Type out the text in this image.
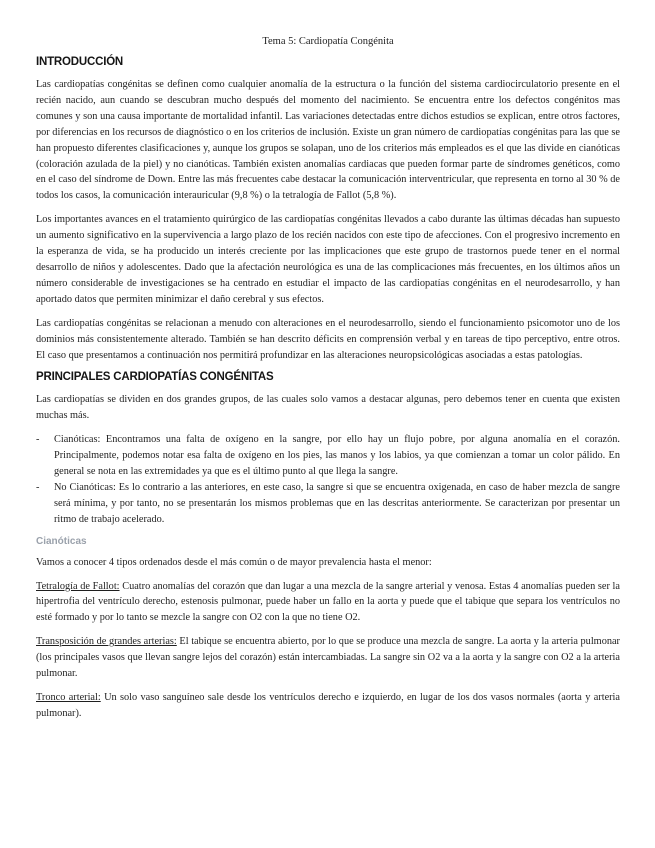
Tema 5: Cardiopatía Congénita
INTRODUCCIÓN

Las cardiopatías congénitas se definen como cualquier anomalía de la estructura o la función del sistema cardiocirculatorio presente en el recién nacido, aun cuando se descubran mucho después del momento del nacimiento. Se encuentra entre los defectos congénitos mas comunes y son una causa importante de mortalidad infantil. Las variaciones detectadas entre dichos estudios se explican, entre otros factores, por diferencias en los recursos de diagnóstico o en los criterios de inclusión. Existe un gran número de cardiopatías congénitas para las que se han propuesto diferentes clasificaciones y, aunque los grupos se solapan, uno de los criterios más empleados es el que las divide en cianóticas (coloración azulada de la piel) y no cianóticas. También existen anomalías cardiacas que pueden formar parte de síndromes genéticos, como en el caso del síndrome de Down. Entre las más frecuentes cabe destacar la comunicación interventricular, que representa en torno al 30 % de todos los casos, la comunicación interauricular (9,8 %) o la tetralogía de Fallot (5,8 %).

Los importantes avances en el tratamiento quirúrgico de las cardiopatías congénitas llevados a cabo durante las últimas décadas han supuesto un aumento significativo en la supervivencia a largo plazo de los recién nacidos con este tipo de afecciones. Con el progresivo incremento en la esperanza de vida, se ha producido un interés creciente por las implicaciones que este grupo de trastornos puede tener en el normal desarrollo de niños y adolescentes. Dado que la afectación neurológica es una de las complicaciones más frecuentes, en los últimos años un número considerable de investigaciones se ha centrado en estudiar el impacto de las cardiopatías congénitas en el neurodesarrollo, y han aportado datos que permiten minimizar el daño cerebral y sus efectos.

Las cardiopatías congénitas se relacionan a menudo con alteraciones en el neurodesarrollo, siendo el funcionamiento psicomotor uno de los dominios más consistentemente alterado. También se han descrito déficits en comprensión verbal y en tareas de tipo perceptivo, entre otros. El caso que presentamos a continuación nos permitirá profundizar en las alteraciones neuropsicológicas asociadas a estas patologías.

PRINCIPALES CARDIOPATÍAS CONGÉNITAS

Las cardiopatías se dividen en dos grandes grupos, de las cuales solo vamos a destacar algunas, pero debemos tener en cuenta que existen muchas más.

- Cianóticas: Encontramos una falta de oxígeno en la sangre, por ello hay un flujo pobre, por alguna anomalía en el corazón. Principalmente, podemos notar esa falta de oxígeno en los pies, las manos y los labios, ya que comienzan a tomar un color pálido. En general se nota en las extremidades ya que es el último punto al que llega la sangre.
- No Cianóticas: Es lo contrario a las anteriores, en este caso, la sangre si que se encuentra oxigenada, en caso de haber mezcla de sangre será mínima, y por tanto, no se presentarán los mismos problemas que en las descritas anteriormente. Se caracterizan por presentar un ritmo de trabajo acelerado.
Cianóticas

Vamos a conocer 4 tipos ordenados desde el más común o de mayor prevalencia hasta el menor:

Tetralogía de Fallot: Cuatro anomalías del corazón que dan lugar a una mezcla de la sangre arterial y venosa. Estas 4 anomalías pueden ser la hipertrofia del ventrículo derecho, estenosis pulmonar, puede haber un fallo en la aorta y puede que el tabique que separa los ventrículos no esté formado y por lo tanto se mezcle la sangre con O2 con la que no tiene O2.

Transposición de grandes arterias: El tabique se encuentra abierto, por lo que se produce una mezcla de sangre. La aorta y la arteria pulmonar (los principales vasos que llevan sangre lejos del corazón) están intercambiadas. La sangre sin O2 va a la aorta y la sangre con O2 a la arteria pulmonar.

Tronco arterial: Un solo vaso sanguíneo sale desde los ventrículos derecho e izquierdo, en lugar de los dos vasos normales (aorta y arteria pulmonar).
